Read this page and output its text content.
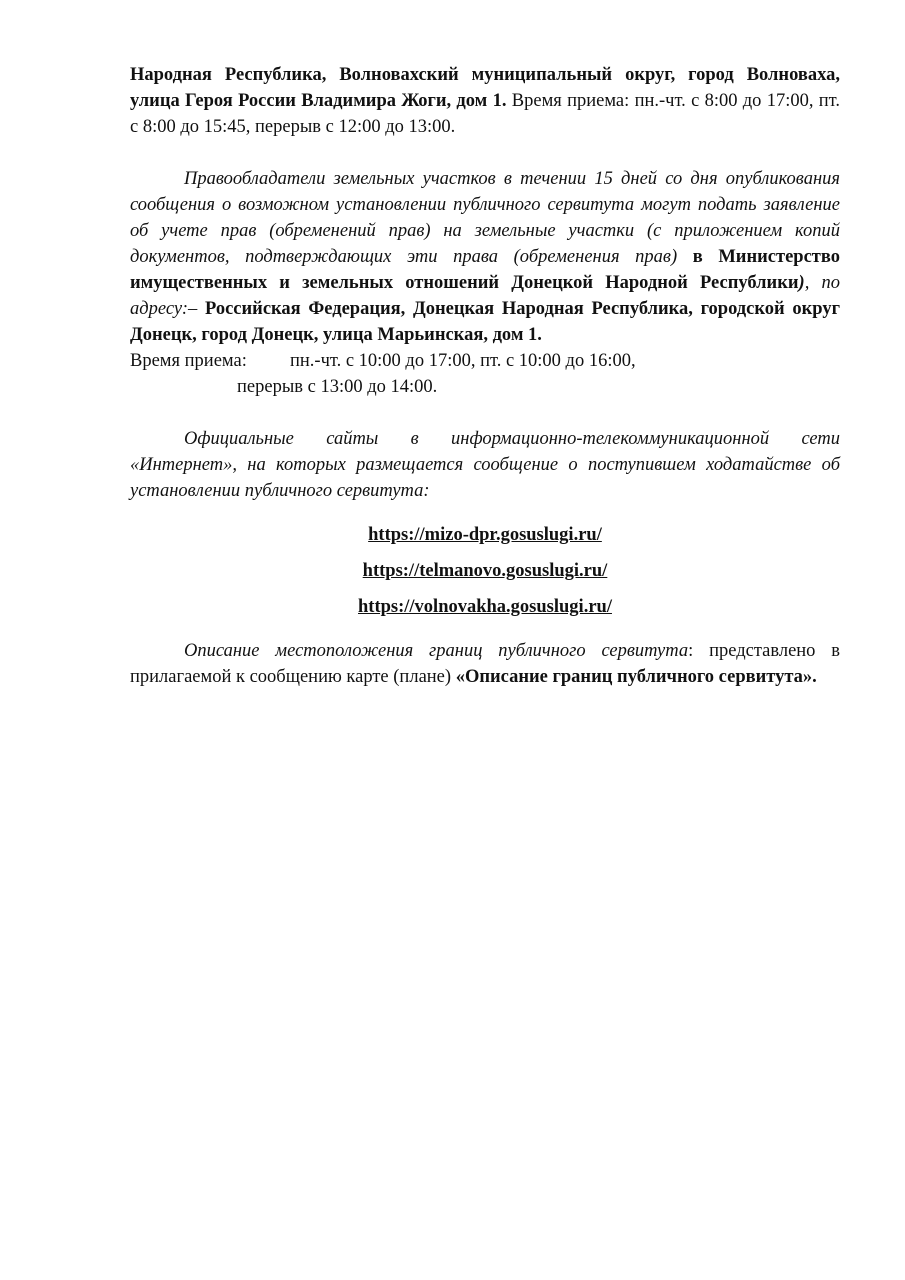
Народная Республика, Волновахский муниципальный округ, город Волноваха, улица Героя России Владимира Жоги, дом 1. Время приема: пн.-чт. с 8:00 до 17:00, пт. с 8:00 до 15:45, перерыв с 12:00 до 13:00.

Правообладатели земельных участков в течении 15 дней со дня опубликования сообщения о возможном установлении публичного сервитута могут подать заявление об учете прав (обременений прав) на земельные участки (с приложением копий документов, подтверждающих эти права (обременения прав) в Министерство имущественных и земельных отношений Донецкой Народной Республики), по адресу:– Российская Федерация, Донецкая Народная Республика, городской округ Донецк, город Донецк, улица Марьинская, дом 1.

Время приема: пн.-чт. с 10:00 до 17:00, пт. с 10:00 до 16:00,

перерыв с 13:00 до 14:00.

Официальные сайты в информационно-телекоммуникационной сети «Интернет», на которых размещается сообщение о поступившем ходатайстве об установлении публичного сервитута:

https://mizo-dpr.gosuslugi.ru/
https://telmanovo.gosuslugi.ru/
https://volnovakha.gosuslugi.ru/

Описание местоположения границ публичного сервитута: представлено в прилагаемой к сообщению карте (плане) «Описание границ публичного сервитута».
